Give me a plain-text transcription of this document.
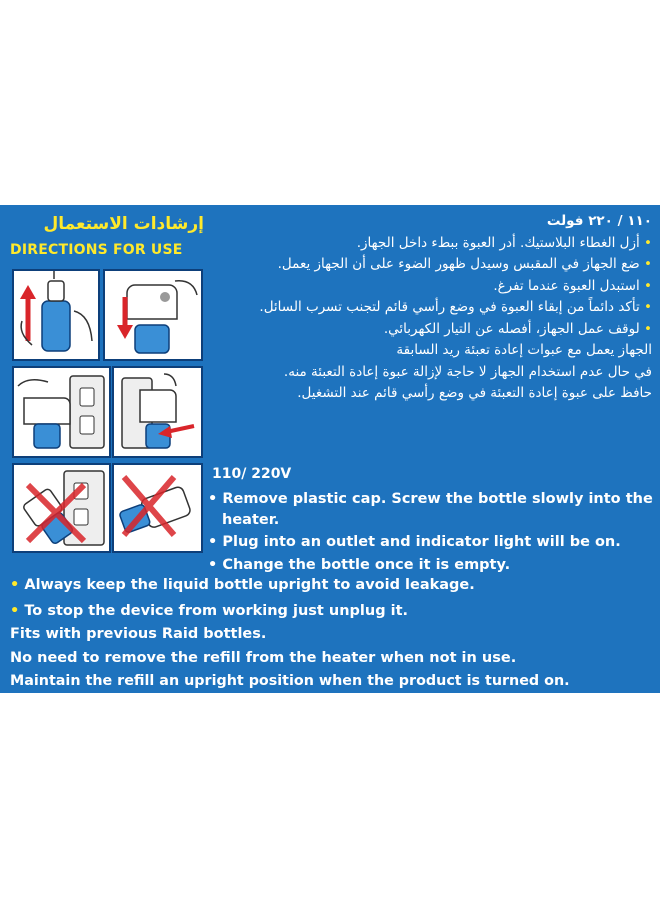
إرشادات الاستعمال
DIRECTIONS FOR USE

١١٠ / ٢٢٠ فولت

• أزل الغطاء البلاستيك. أدر العبوة ببطء داخل الجهاز.

• ضع الجهاز في المقبس وسيدل ظهور الضوء على أن الجهاز يعمل.

• استبدل العبوة عندما تفرغ.

• تأكد دائماً من إبقاء العبوة في وضع رأسي قائم لتجنب تسرب السائل.

• لوقف عمل الجهاز، أفصله عن التيار الكهربائي.

الجهاز يعمل مع عبوات إعادة تعبئة ريد السابقة

في حال عدم استخدام الجهاز لا حاجة لإزالة عبوة إعادة التعبئة منه.

حافظ على عبوة إعادة التعبئة في وضع رأسي قائم عند التشغيل.

110/ 220V
• Remove plastic cap. Screw the bottle slowly into the
heater.
• Plug into an outlet and indicator light will be on.
• Change the bottle once it is empty.
• Always keep the liquid bottle upright to avoid leakage.
• To stop the device from working just unplug it.
Fits with previous Raid bottles.
No need to remove the refill from the heater when not in use.
Maintain the refill an upright position when the product is turned on.
